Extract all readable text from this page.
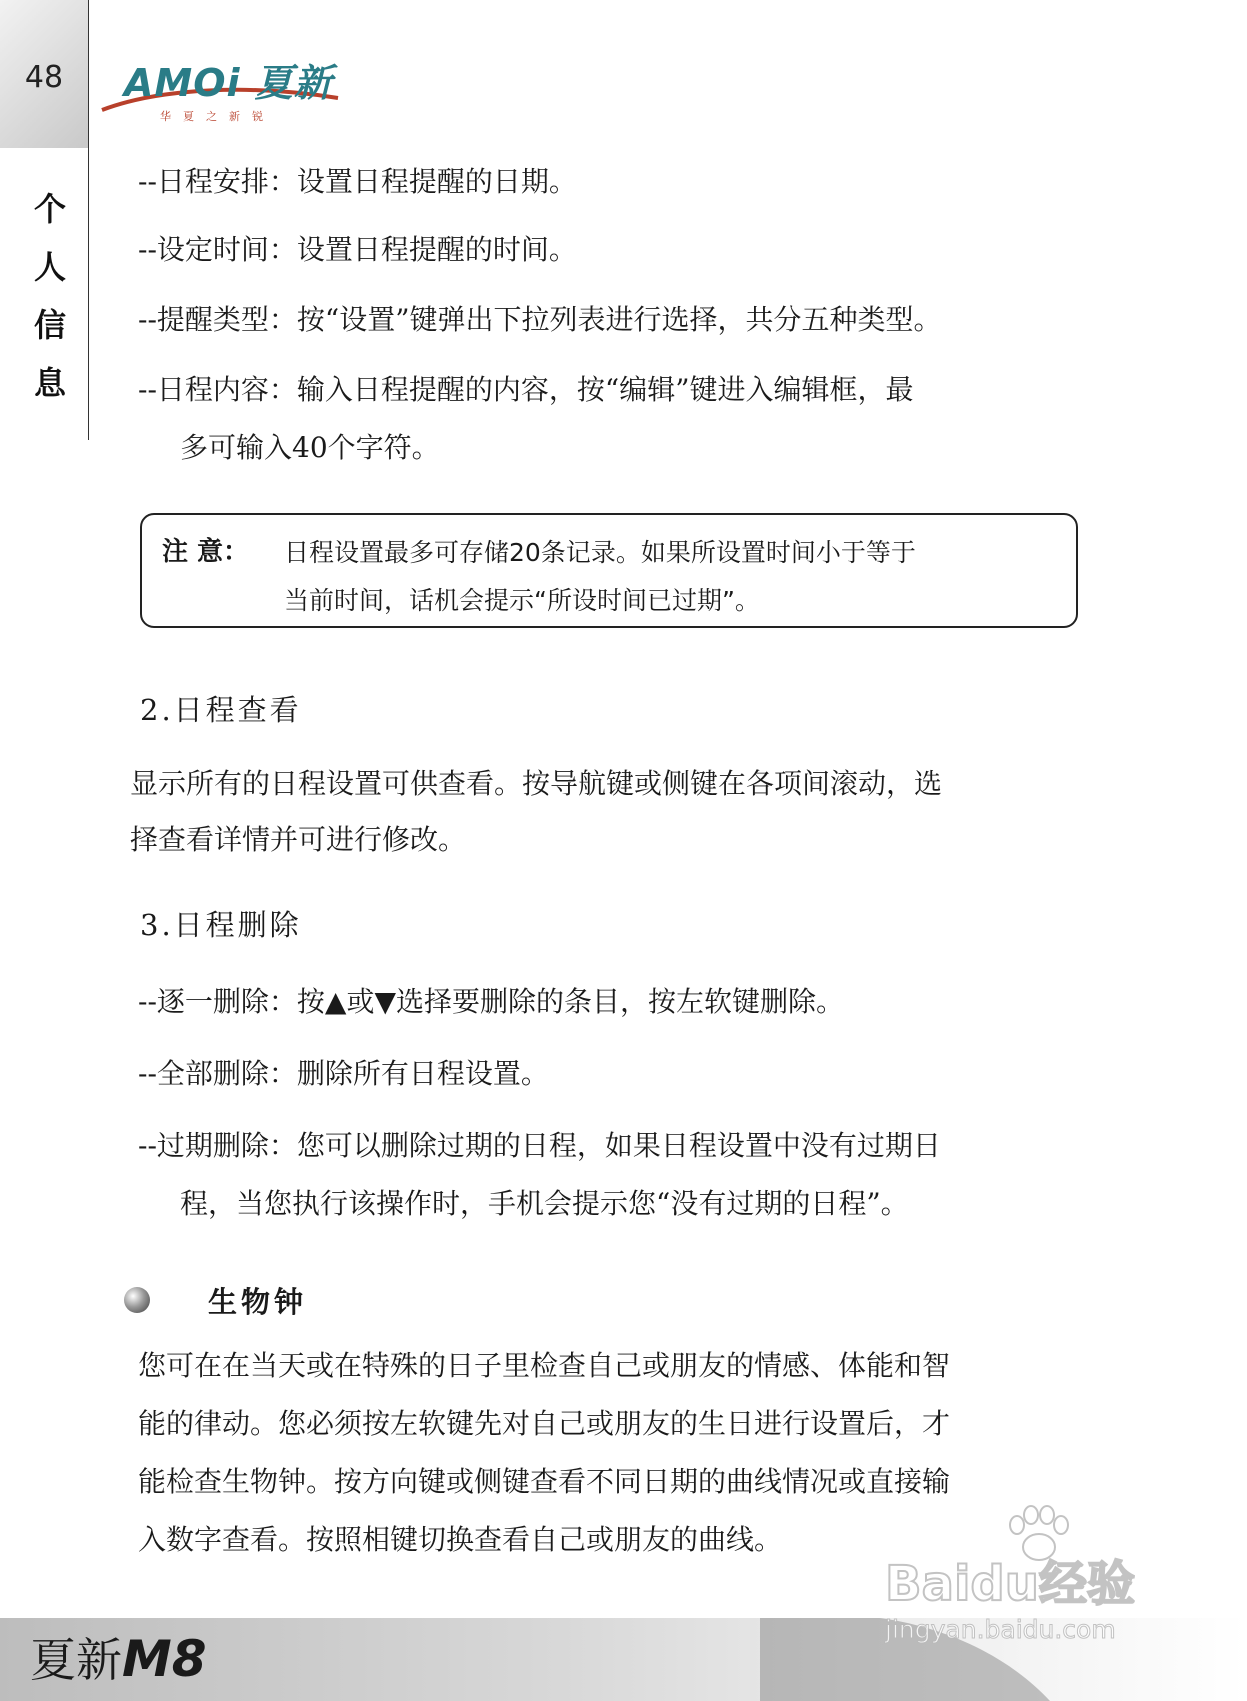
48
个
人
信
息
AMOi 夏新
华夏之新锐
--日程安排：设置日程提醒的日期。
--设定时间：设置日程提醒的时间。
--提醒类型：按“设置”键弹出下拉列表进行选择，共分五种类型。
--日程内容：输入日程提醒的内容，按“编辑”键进入编辑框，最
多可输入40个字符。
注 意： 日程设置最多可存储20条记录。如果所设置时间小于等于
当前时间，话机会提示“所设时间已过期”。
2.日程查看
显示所有的日程设置可供查看。按导航键或侧键在各项间滚动，选
择查看详情并可进行修改。
3.日程删除
--逐一删除：按▲或▼选择要删除的条目，按左软键删除。
--全部删除：删除所有日程设置。
--过期删除：您可以删除过期的日程，如果日程设置中没有过期日
程，当您执行该操作时，手机会提示您“没有过期的日程”。
生物钟
您可在在当天或在特殊的日子里检查自己或朋友的情感、体能和智
能的律动。您必须按左软键先对自己或朋友的生日进行设置后，才
能检查生物钟。按方向键或侧键查看不同日期的曲线情况或直接输
入数字查看。按照相键切换查看自己或朋友的曲线。
夏新M8
Baidu经验
jingyan.baidu.com
